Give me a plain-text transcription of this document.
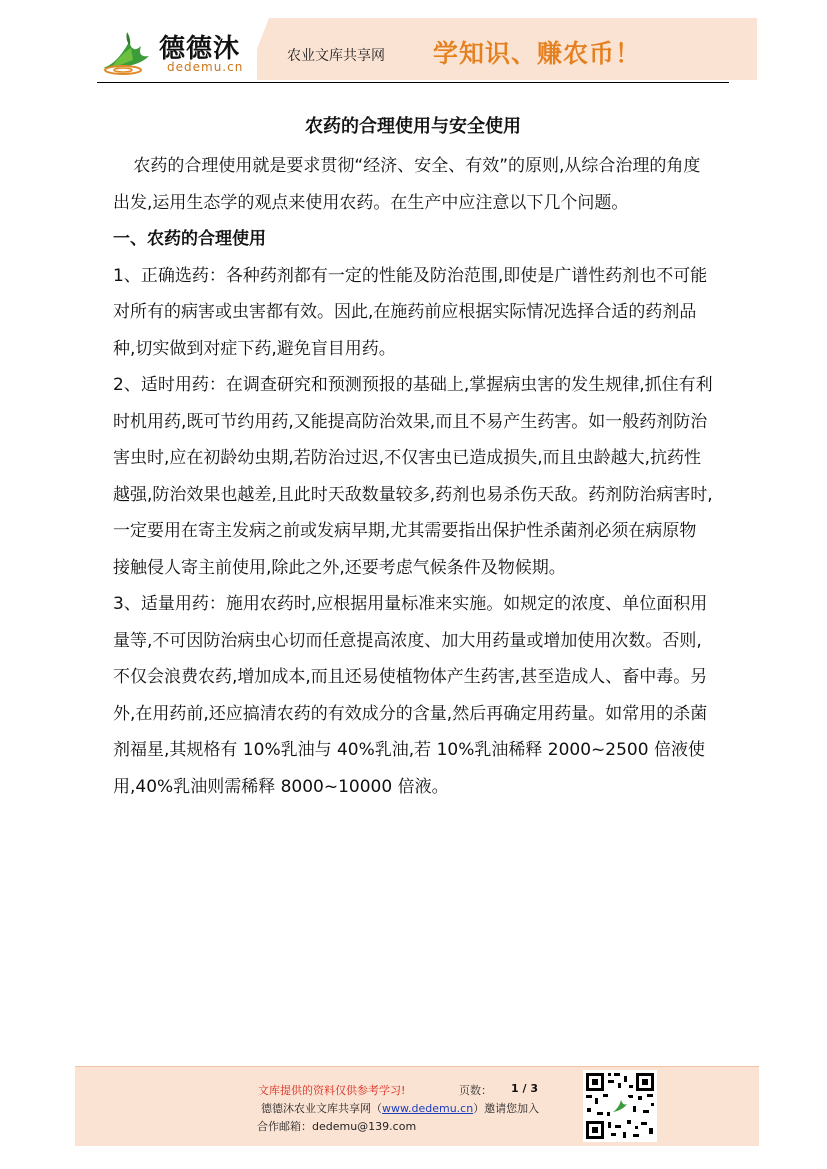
德德沐
dedemu.cn
农业文库共享网 学知识、赚农币！
农药的合理使用与安全使用

农药的合理使用就是要求贯彻“经济、安全、有效”的原则,从综合治理的角度出发,运用生态学的观点来使用农药。在生产中应注意以下几个问题。

一、农药的合理使用

1、正确选药：各种药剂都有一定的性能及防治范围,即使是广谱性药剂也不可能对所有的病害或虫害都有效。因此,在施药前应根据实际情况选择合适的药剂品种,切实做到对症下药,避免盲目用药。

2、适时用药：在调查研究和预测预报的基础上,掌握病虫害的发生规律,抓住有利时机用药,既可节约用药,又能提高防治效果,而且不易产生药害。如一般药剂防治害虫时,应在初龄幼虫期,若防治过迟,不仅害虫已造成损失,而且虫龄越大,抗药性越强,防治效果也越差,且此时天敌数量较多,药剂也易杀伤天敌。药剂防治病害时,一定要用在寄主发病之前或发病早期,尤其需要指出保护性杀菌剂必须在病原物接触侵人寄主前使用,除此之外,还要考虑气候条件及物候期。

3、适量用药：施用农药时,应根据用量标准来实施。如规定的浓度、单位面积用量等,不可因防治病虫心切而任意提高浓度、加大用药量或增加使用次数。否则,不仅会浪费农药,增加成本,而且还易使植物体产生药害,甚至造成人、畜中毒。另外,在用药前,还应搞清农药的有效成分的含量,然后再确定用药量。如常用的杀菌剂福星,其规格有 10%乳油与 40%乳油,若 10%乳油稀释 2000~2500 倍液使用,40%乳油则需稀释 8000~10000 倍液。

文库提供的资料仅供参考学习!	页数： 1 / 3
德德沐农业文库共享网（www.dedemu.cn）邀请您加入
合作邮箱：dedemu@139.com
